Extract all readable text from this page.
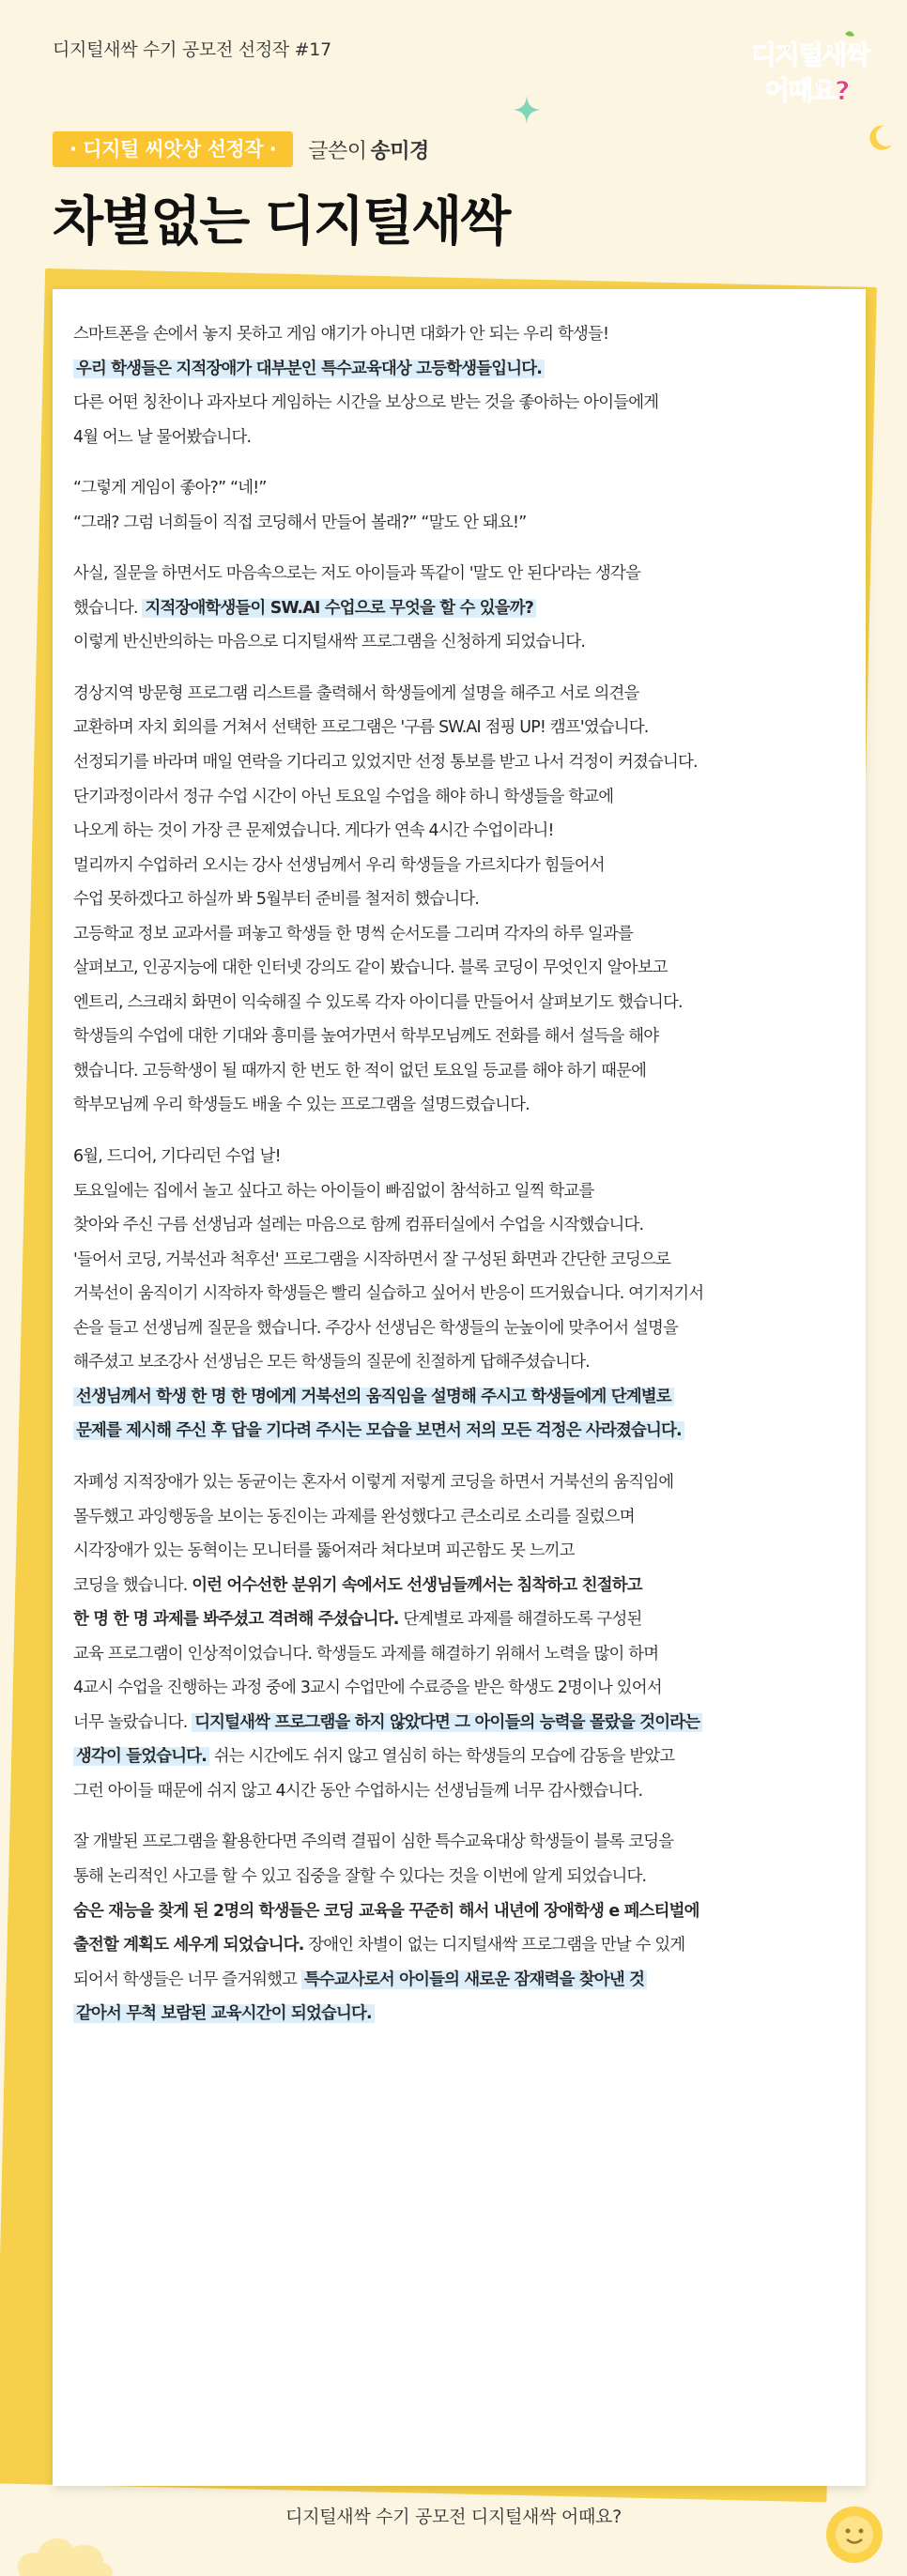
디지털새싹 수기 공모전 선정작 #17	디지털새싹
어때요?
· 디지털 씨앗상 선정작 ·	글쓴이 송미경
차별없는 디지털새싹
스마트폰을 손에서 놓지 못하고 게임 얘기가 아니면 대화가 안 되는 우리 학생들!
우리 학생들은 지적장애가 대부분인 특수교육대상 고등학생들입니다.
다른 어떤 칭찬이나 과자보다 게임하는 시간을 보상으로 받는 것을 좋아하는 아이들에게
4월 어느 날 물어봤습니다.
“그렇게 게임이 좋아?” “네!”
“그래? 그럼 너희들이 직접 코딩해서 만들어 볼래?” “말도 안 돼요!”
사실, 질문을 하면서도 마음속으로는 저도 아이들과 똑같이 '말도 안 된다'라는 생각을
했습니다. 지적장애학생들이 SW.AI 수업으로 무엇을 할 수 있을까?
이렇게 반신반의하는 마음으로 디지털새싹 프로그램을 신청하게 되었습니다.
경상지역 방문형 프로그램 리스트를 출력해서 학생들에게 설명을 해주고 서로 의견을
교환하며 자치 회의를 거쳐서 선택한 프로그램은 '구름 SW.AI 점핑 UP! 캠프'였습니다.
선정되기를 바라며 매일 연락을 기다리고 있었지만 선정 통보를 받고 나서 걱정이 커졌습니다.
단기과정이라서 정규 수업 시간이 아닌 토요일 수업을 해야 하니 학생들을 학교에
나오게 하는 것이 가장 큰 문제였습니다. 게다가 연속 4시간 수업이라니!
멀리까지 수업하러 오시는 강사 선생님께서 우리 학생들을 가르치다가 힘들어서
수업 못하겠다고 하실까 봐 5월부터 준비를 철저히 했습니다.
고등학교 정보 교과서를 펴놓고 학생들 한 명씩 순서도를 그리며 각자의 하루 일과를
살펴보고, 인공지능에 대한 인터넷 강의도 같이 봤습니다. 블록 코딩이 무엇인지 알아보고
엔트리, 스크래치 화면이 익숙해질 수 있도록 각자 아이디를 만들어서 살펴보기도 했습니다.
학생들의 수업에 대한 기대와 흥미를 높여가면서 학부모님께도 전화를 해서 설득을 해야
했습니다. 고등학생이 될 때까지 한 번도 한 적이 없던 토요일 등교를 해야 하기 때문에
학부모님께 우리 학생들도 배울 수 있는 프로그램을 설명드렸습니다.
6월, 드디어, 기다리던 수업 날!
토요일에는 집에서 놀고 싶다고 하는 아이들이 빠짐없이 참석하고 일찍 학교를
찾아와 주신 구름 선생님과 설레는 마음으로 함께 컴퓨터실에서 수업을 시작했습니다.
'들어서 코딩, 거북선과 척후선' 프로그램을 시작하면서 잘 구성된 화면과 간단한 코딩으로
거북선이 움직이기 시작하자 학생들은 빨리 실습하고 싶어서 반응이 뜨거웠습니다. 여기저기서
손을 들고 선생님께 질문을 했습니다. 주강사 선생님은 학생들의 눈높이에 맞추어서 설명을
해주셨고 보조강사 선생님은 모든 학생들의 질문에 친절하게 답해주셨습니다.
선생님께서 학생 한 명 한 명에게 거북선의 움직임을 설명해 주시고 학생들에게 단계별로
문제를 제시해 주신 후 답을 기다려 주시는 모습을 보면서 저의 모든 걱정은 사라졌습니다.
자폐성 지적장애가 있는 동균이는 혼자서 이렇게 저렇게 코딩을 하면서 거북선의 움직임에
몰두했고 과잉행동을 보이는 동진이는 과제를 완성했다고 큰소리로 소리를 질렀으며
시각장애가 있는 동혁이는 모니터를 뚫어져라 쳐다보며 피곤함도 못 느끼고
코딩을 했습니다. 이런 어수선한 분위기 속에서도 선생님들께서는 침착하고 친절하고
한 명 한 명 과제를 봐주셨고 격려해 주셨습니다. 단계별로 과제를 해결하도록 구성된
교육 프로그램이 인상적이었습니다. 학생들도 과제를 해결하기 위해서 노력을 많이 하며
4교시 수업을 진행하는 과정 중에 3교시 수업만에 수료증을 받은 학생도 2명이나 있어서
너무 놀랐습니다. 디지털새싹 프로그램을 하지 않았다면 그 아이들의 능력을 몰랐을 것이라는
생각이 들었습니다. 쉬는 시간에도 쉬지 않고 열심히 하는 학생들의 모습에 감동을 받았고
그런 아이들 때문에 쉬지 않고 4시간 동안 수업하시는 선생님들께 너무 감사했습니다.
잘 개발된 프로그램을 활용한다면 주의력 결핍이 심한 특수교육대상 학생들이 블록 코딩을
통해 논리적인 사고를 할 수 있고 집중을 잘할 수 있다는 것을 이번에 알게 되었습니다.
숨은 재능을 찾게 된 2명의 학생들은 코딩 교육을 꾸준히 해서 내년에 장애학생 e 페스티벌에
출전할 계획도 세우게 되었습니다. 장애인 차별이 없는 디지털새싹 프로그램을 만날 수 있게
되어서 학생들은 너무 즐거워했고 특수교사로서 아이들의 새로운 잠재력을 찾아낸 것
같아서 무척 보람된 교육시간이 되었습니다.
디지털새싹 수기 공모전 디지털새싹 어때요?
